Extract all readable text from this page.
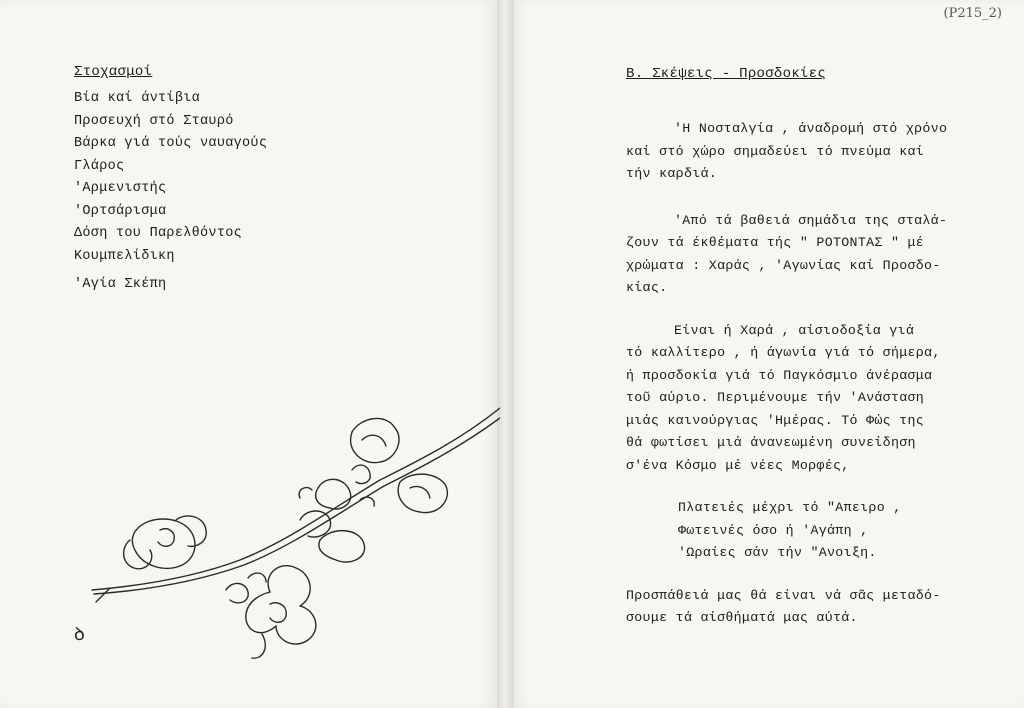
(P215_2)
Στοχασμοί
Βία καί άντίβια
Προσευχή στό Σταυρό
Βάρκα γιά τούς ναυαγούς
Γλάρος
'Αρμενιστής
'Ορτσάρισμα
Δόση του Παρελθόντος
Κουμπελίδικη
'Αγία Σκέπη
ꝺ
Β. Σκέψεις - Προσδοκίες

'Η Νοσταλγία , άναδρομή στό χρόνο

καί στό χώρο σημαδεύει τό πνεύμα καί

τήν καρδιά.

'Από τά βαθειά σημάδια της σταλά-

ζουν τά έκθέματα τής " ΡΟΤΟΝΤΑΣ " μέ

χρώματα : Χαράς , 'Αγωνίας καί Προσδο-

κίας.

Είναι ή Χαρά , αίσιοδοξία γιά

τό καλλίτερο , ή άγωνία γιά τό σήμερα,

ή προσδοκία γιά τό Παγκόσμιο άνέρασμα

τοῦ αύριο. Περιμένουμε τήν 'Ανάσταση

μιάς καινούργιας 'Ημέρας. Τό Φώς της

θά φωτίσει μιά άνανεωμένη συνείδηση

σ'ένα Κόσμο μέ νέες Μορφές,

Πλατειές μέχρι τό "Απειρο ,

Φωτεινές όσο ή 'Αγάπη ,

'Ωραίες σάν τήν "Ανοιξη.

Προσπάθειά μας θά είναι νά σᾶς μεταδό-

σουμε τά αίσθήματά μας αύτά.
